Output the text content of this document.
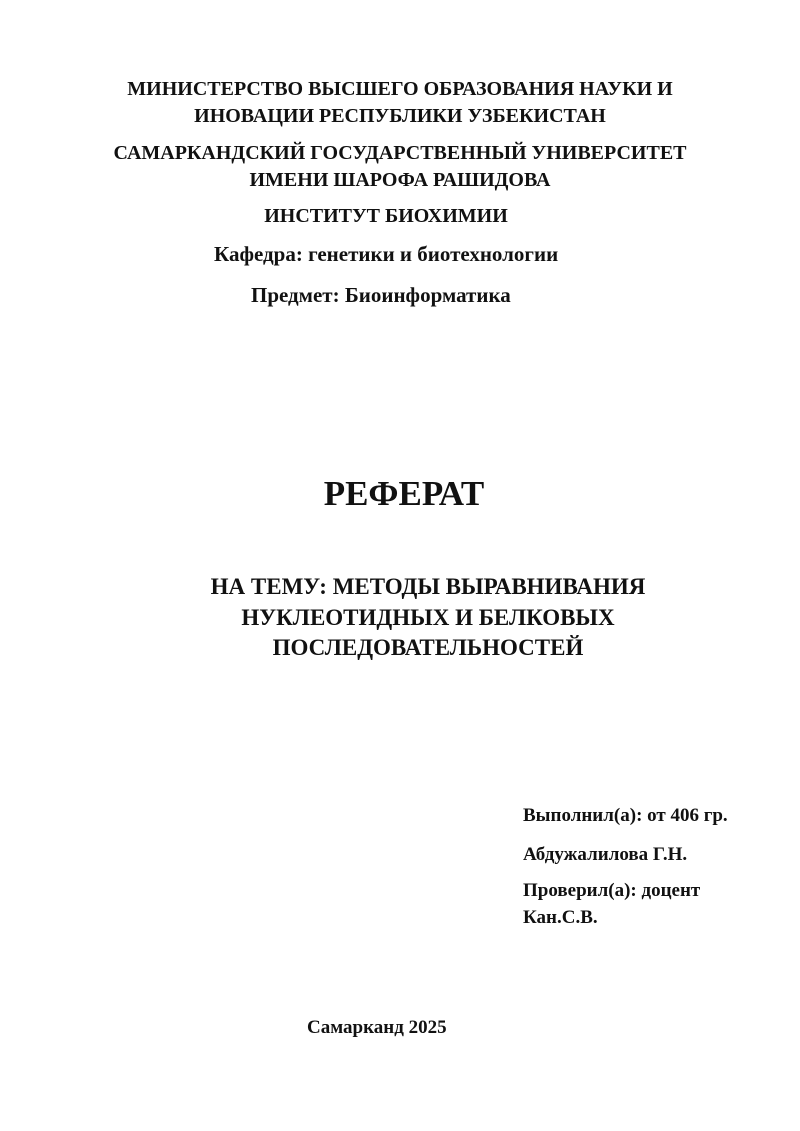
МИНИСТЕРСТВО ВЫСШЕГО ОБРАЗОВАНИЯ НАУКИ И
ИНОВАЦИИ РЕСПУБЛИКИ УЗБЕКИСТАН
САМАРКАНДСКИЙ ГОСУДАРСТВЕННЫЙ УНИВЕРСИТЕТ
ИМЕНИ ШАРОФА РАШИДОВА
ИНСТИТУТ БИОХИМИИ
Кафедра: генетики и биотехнологии
Предмет: Биоинформатика
РЕФЕРАТ
НА ТЕМУ: МЕТОДЫ ВЫРАВНИВАНИЯ
НУКЛЕОТИДНЫХ И БЕЛКОВЫХ
ПОСЛЕДОВАТЕЛЬНОСТЕЙ
Выполнил(а): от 406 гр.
Абдужалилова Г.Н.
Проверил(а): доцент
Кан.С.В.
Самарканд 2025
